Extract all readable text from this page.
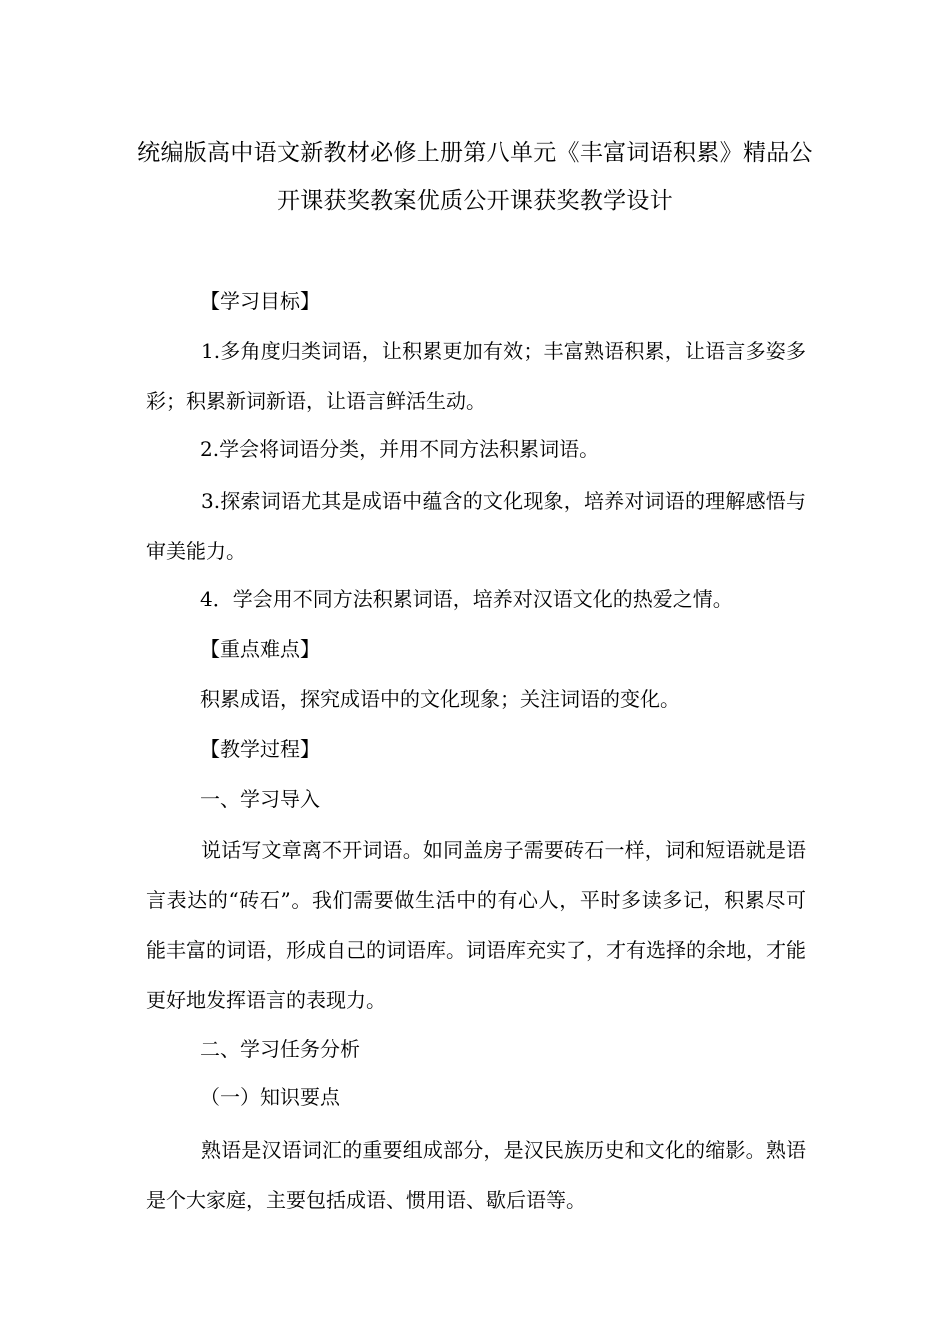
统编版高中语文新教材必修上册第八单元《丰富词语积累》精品公
开课获奖教案优质公开课获奖教学设计
【学习目标】

1.多角度归类词语，让积累更加有效；丰富熟语积累，让语言多姿多彩；积累新词新语，让语言鲜活生动。

2.学会将词语分类，并用不同方法积累词语。

3.探索词语尤其是成语中蕴含的文化现象，培养对词语的理解感悟与审美能力。

4．学会用不同方法积累词语，培养对汉语文化的热爱之情。
【重点难点】
积累成语，探究成语中的文化现象；关注词语的变化。
【教学过程】
一、学习导入

说话写文章离不开词语。如同盖房子需要砖石一样，词和短语就是语言表达的“砖石”。我们需要做生活中的有心人，平时多读多记，积累尽可能丰富的词语，形成自己的词语库。词语库充实了，才有选择的余地，才能更好地发挥语言的表现力。

二、学习任务分析
（一）知识要点

熟语是汉语词汇的重要组成部分，是汉民族历史和文化的缩影。熟语是个大家庭，主要包括成语、惯用语、歇后语等。
